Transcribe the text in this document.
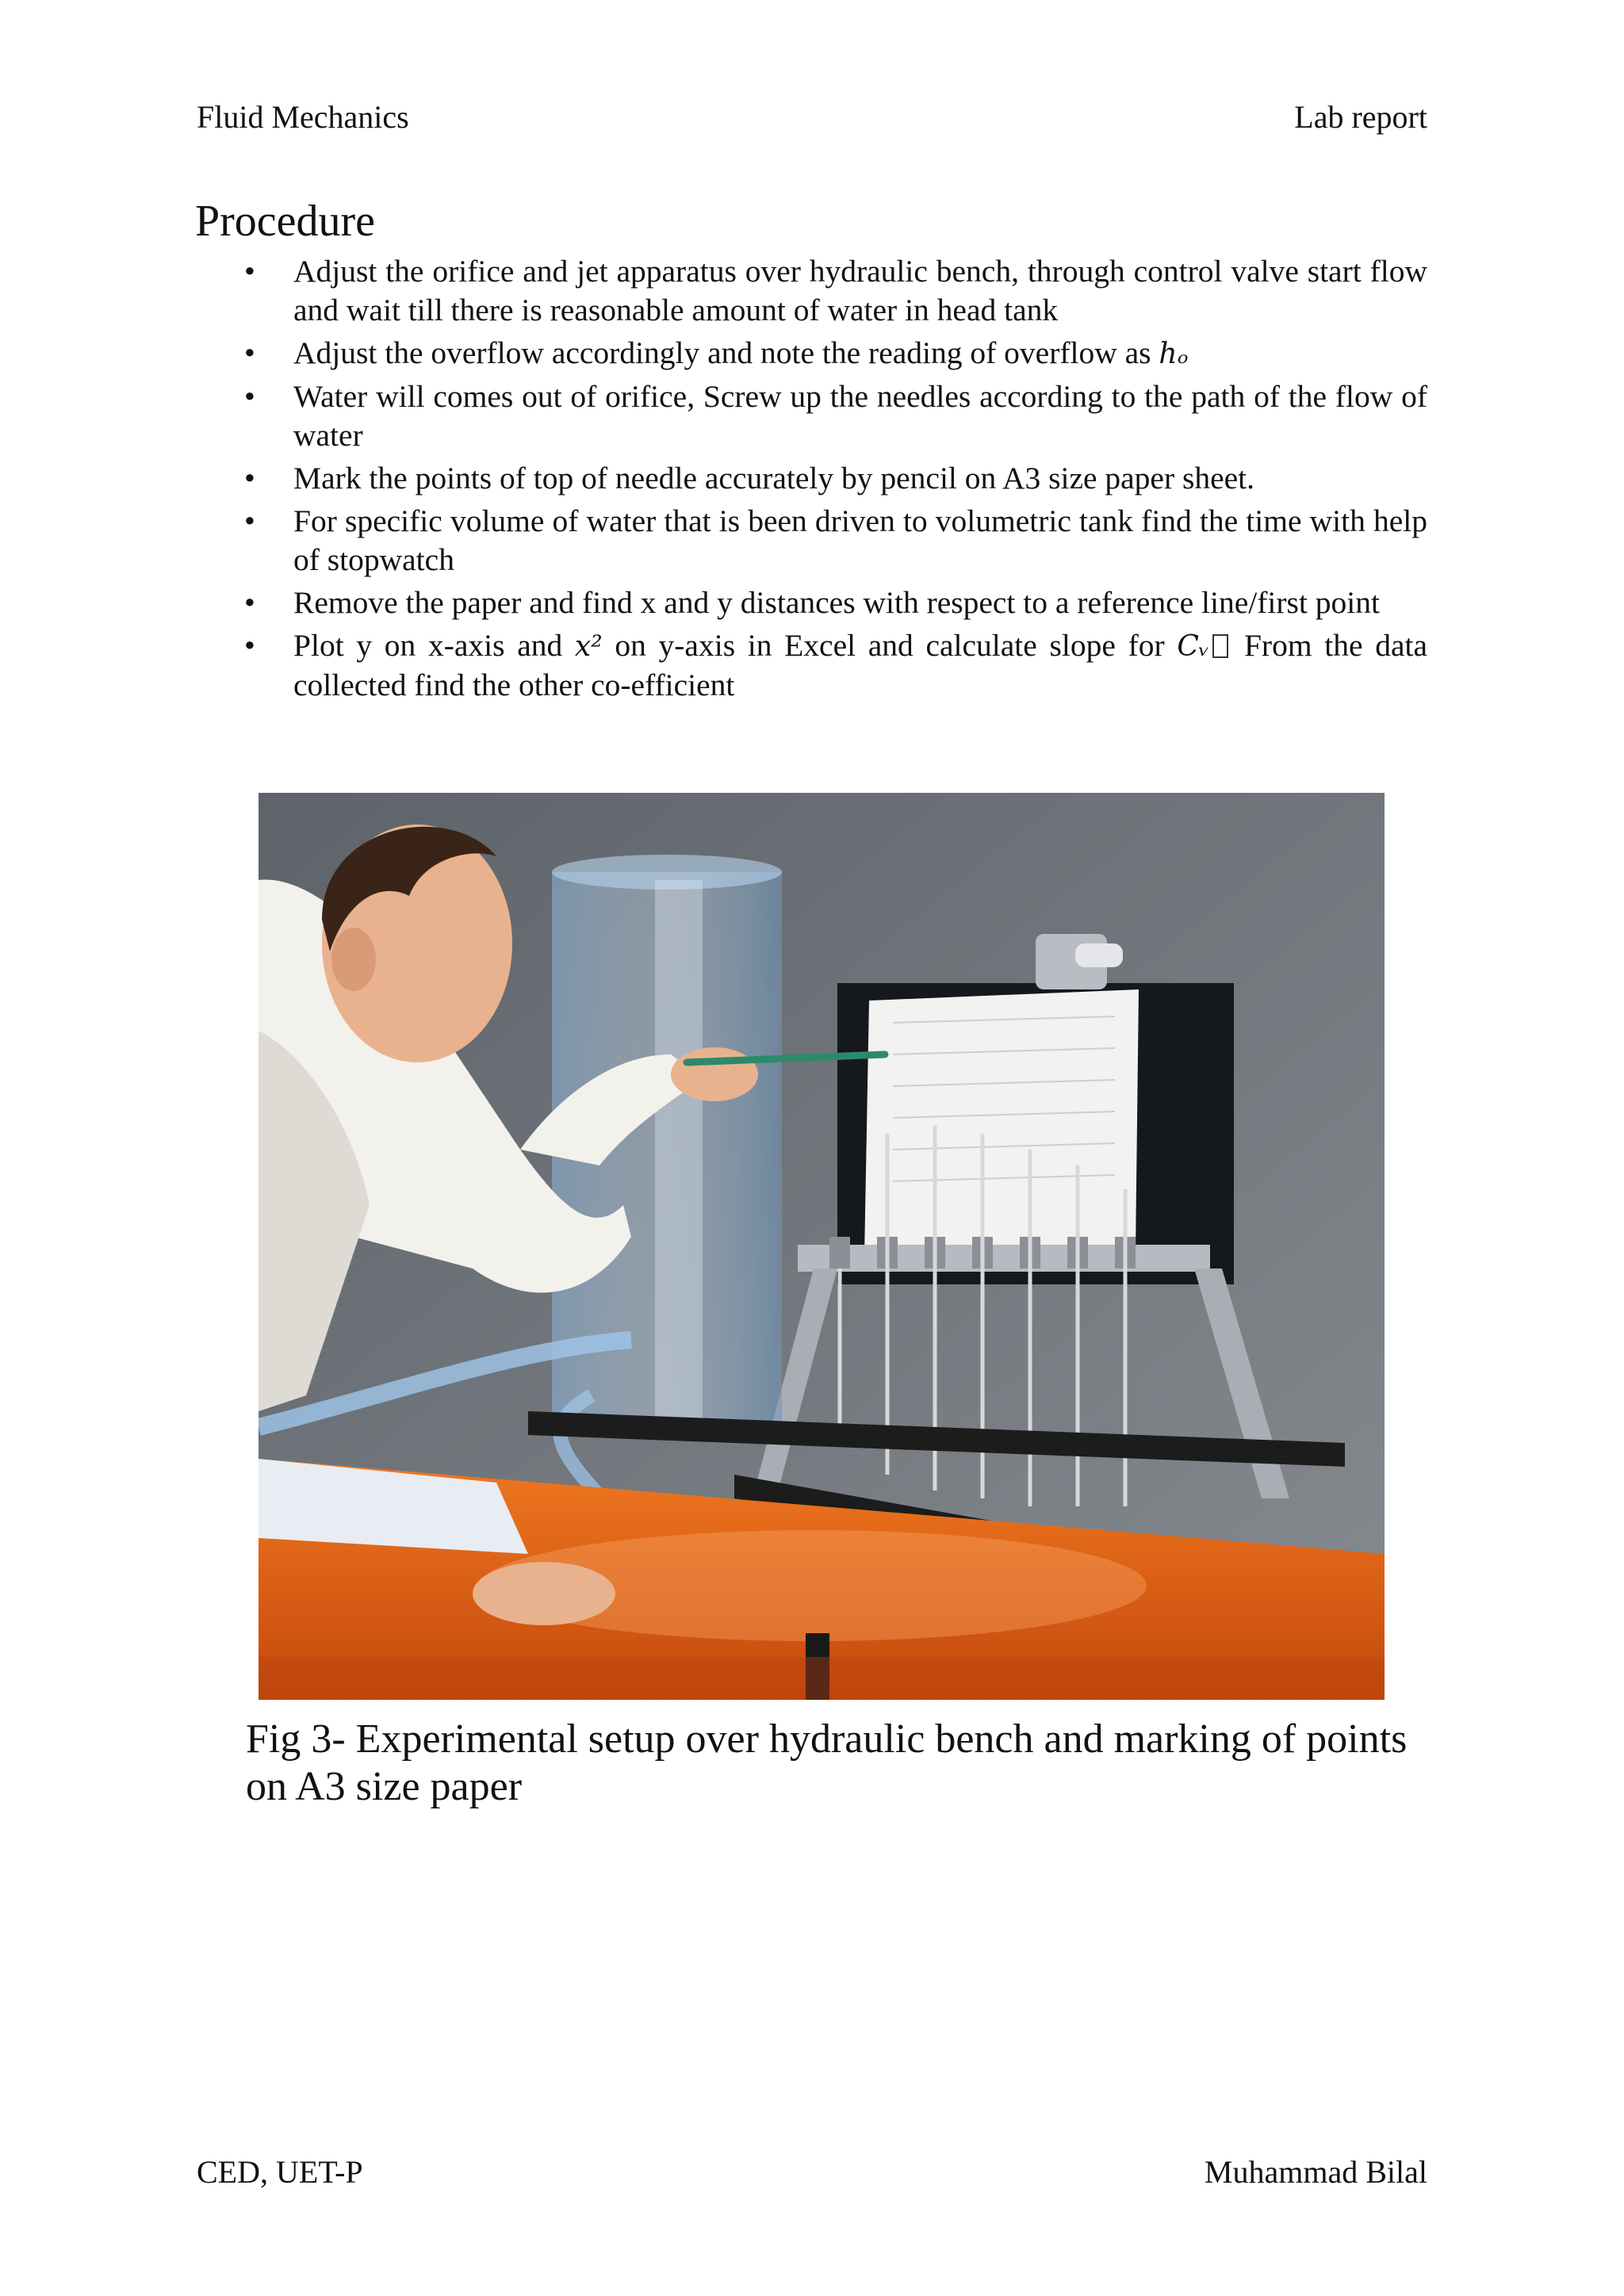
Fluid Mechanics	Lab report
Procedure
• Adjust the orifice and jet apparatus over hydraulic bench, through control valve start flow and wait till there is reasonable amount of water in head tank
• Adjust the overflow accordingly and note the reading of overflow as hₒ
• Water will comes out of orifice, Screw up the needles according to the path of the flow of water
• Mark the points of top of needle accurately by pencil on A3 size paper sheet.
• For specific volume of water that is been driven to volumetric tank find the time with help of stopwatch
• Remove the paper and find x and y distances with respect to a reference line/first point
• Plot y on x-axis and x² on y-axis in Excel and calculate slope for Cᵥ From the data collected find the other co-efficient
Fig 3- Experimental setup over hydraulic bench and marking of points on A3 size paper
CED, UET-P	Muhammad Bilal
